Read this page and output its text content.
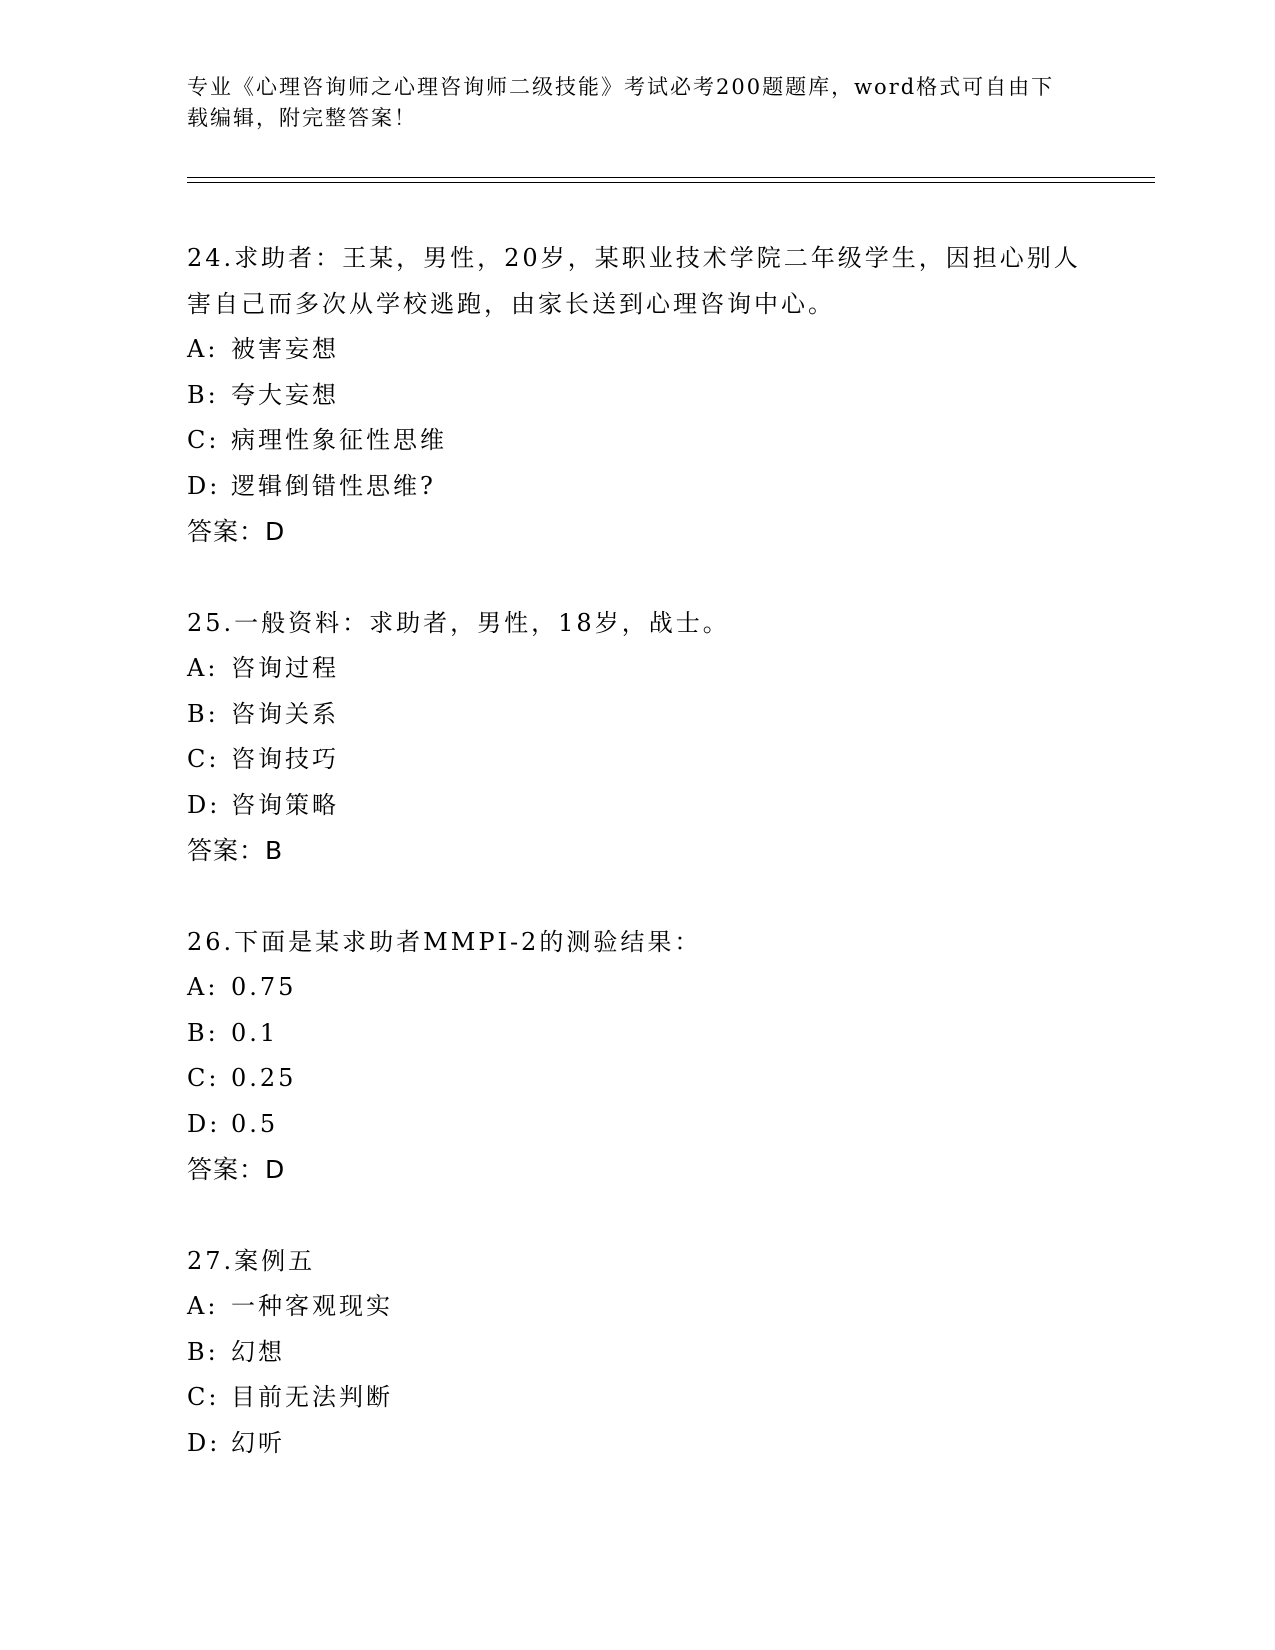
专业《心理咨询师之心理咨询师二级技能》考试必考200题题库，word格式可自由下载编辑，附完整答案！
24.求助者：王某，男性，20岁，某职业技术学院二年级学生，因担心别人害自己而多次从学校逃跑，由家长送到心理咨询中心。
A: 被害妄想
B: 夸大妄想
C: 病理性象征性思维
D: 逻辑倒错性思维?
答案：D
25.一般资料：求助者，男性，18岁，战士。
A: 咨询过程
B: 咨询关系
C: 咨询技巧
D: 咨询策略
答案：B
26.下面是某求助者MMPI-2的测验结果：
A: 0.75
B: 0.1
C: 0.25
D: 0.5
答案：D
27.案例五
A: 一种客观现实
B: 幻想
C: 目前无法判断
D: 幻听
